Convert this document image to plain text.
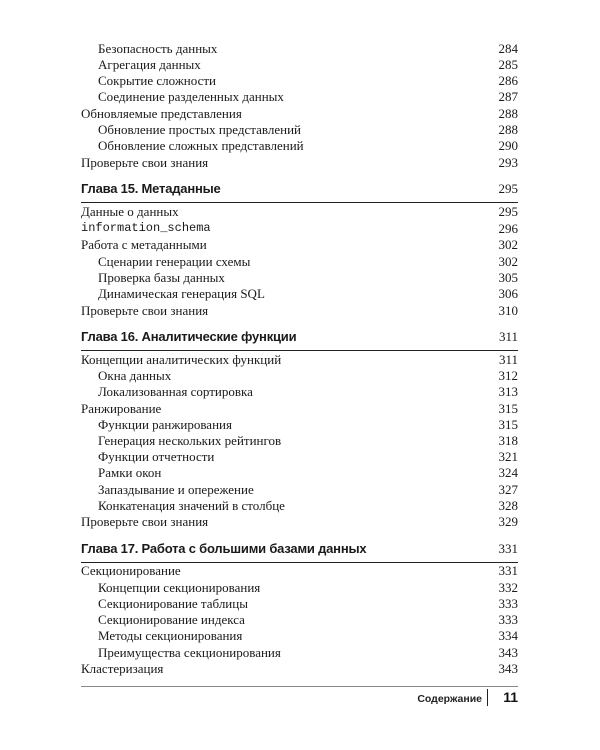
Безопасность данных	284
Агрегация данных	285
Сокрытие сложности	286
Соединение разделенных данных	287
Обновляемые представления	288
Обновление простых представлений	288
Обновление сложных представлений	290
Проверьте свои знания	293
Глава 15. Метаданные	295
Данные о данных	295
information_schema	296
Работа с метаданными	302
Сценарии генерации схемы	302
Проверка базы данных	305
Динамическая генерация SQL	306
Проверьте свои знания	310
Глава 16. Аналитические функции	311
Концепции аналитических функций	311
Окна данных	312
Локализованная сортировка	313
Ранжирование	315
Функции ранжирования	315
Генерация нескольких рейтингов	318
Функции отчетности	321
Рамки окон	324
Запаздывание и опережение	327
Конкатенация значений в столбце	328
Проверьте свои знания	329
Глава 17. Работа с большими базами данных	331
Секционирование	331
Концепции секционирования	332
Секционирование таблицы	333
Секционирование индекса	333
Методы секционирования	334
Преимущества секционирования	343
Кластеризация	343
Содержание 11
